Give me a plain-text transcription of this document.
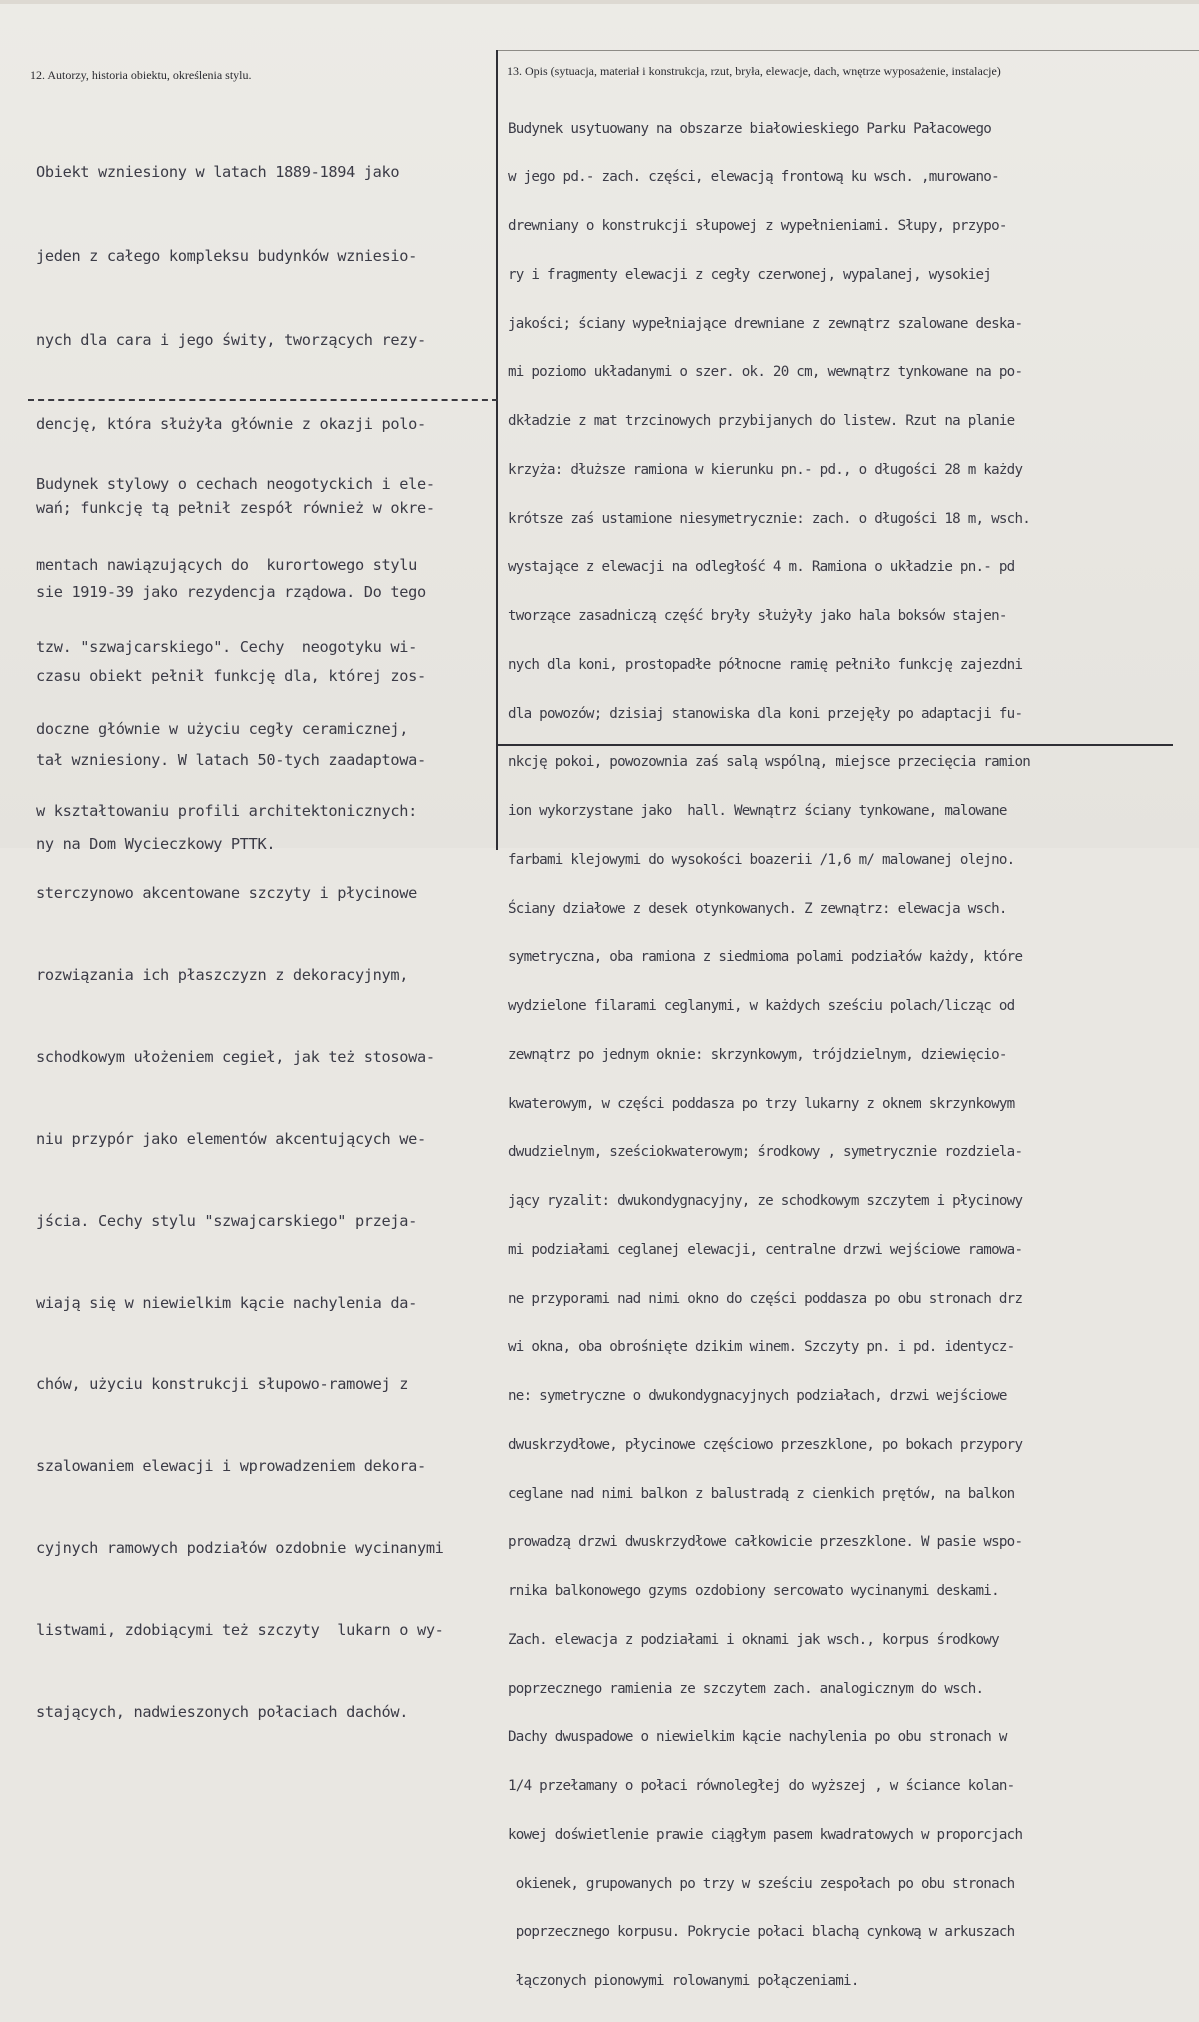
12. Autorzy, historia obiektu, określenia stylu.	13. Opis (sytuacja, materiał i konstrukcja, rzut, bryła, elewacje, dach, wnętrze wyposażenie, instalacje)

Obiekt wzniesiony w latach 1889-1894 jako

jeden z całego kompleksu budynków wzniesio-

nych dla cara i jego świty, tworzących rezy-

dencję, która służyła głównie z okazji polo-

wań; funkcję tą pełnił zespół również w okre-

sie 1919-39 jako rezydencja rządowa. Do tego

czasu obiekt pełnił funkcję dla, której zos-

tał wzniesiony. W latach 50-tych zaadaptowa-

ny na Dom Wycieczkowy PTTK.

Budynek stylowy o cechach neogotyckich i ele-

mentach nawiązujących do  kurortowego stylu

tzw. "szwajcarskiego". Cechy  neogotyku wi-

doczne głównie w użyciu cegły ceramicznej,

w kształtowaniu profili architektonicznych:

sterczynowo akcentowane szczyty i płycinowe

rozwiązania ich płaszczyzn z dekoracyjnym,

schodkowym ułożeniem cegieł, jak też stosowa-

niu przypór jako elementów akcentujących we-

jścia. Cechy stylu "szwajcarskiego" przeja-

wiają się w niewielkim kącie nachylenia da-

chów, użyciu konstrukcji słupowo-ramowej z

szalowaniem elewacji i wprowadzeniem dekora-

cyjnych ramowych podziałów ozdobnie wycinanymi

listwami, zdobiącymi też szczyty  lukarn o wy-

stających, nadwieszonych połaciach dachów.

Budynek usytuowany na obszarze białowieskiego Parku Pałacowego

w jego pd.- zach. części, elewacją frontową ku wsch. ,murowano-

drewniany o konstrukcji słupowej z wypełnieniami. Słupy, przypo-

ry i fragmenty elewacji z cegły czerwonej, wypalanej, wysokiej

jakości; ściany wypełniające drewniane z zewnątrz szalowane deska-

mi poziomo układanymi o szer. ok. 20 cm, wewnątrz tynkowane na po-

dkładzie z mat trzcinowych przybijanych do listew. Rzut na planie

krzyża: dłuższe ramiona w kierunku pn.- pd., o długości 28 m każdy

krótsze zaś ustamione niesymetrycznie: zach. o długości 18 m, wsch.

wystające z elewacji na odległość 4 m. Ramiona o układzie pn.- pd

tworzące zasadniczą część bryły służyły jako hala boksów stajen-

nych dla koni, prostopadłe północne ramię pełniło funkcję zajezdni

dla powozów; dzisiaj stanowiska dla koni przejęły po adaptacji fu-

nkcję pokoi, powozownia zaś salą wspólną, miejsce przecięcia ramion

ion wykorzystane jako  hall. Wewnątrz ściany tynkowane, malowane

farbami klejowymi do wysokości boazerii /1,6 m/ malowanej olejno.

Ściany działowe z desek otynkowanych. Z zewnątrz: elewacja wsch.

symetryczna, oba ramiona z siedmioma polami podziałów każdy, które

wydzielone filarami ceglanymi, w każdych sześciu polach/licząc od

zewnątrz po jednym oknie: skrzynkowym, trójdzielnym, dziewięcio-

kwaterowym, w części poddasza po trzy lukarny z oknem skrzynkowym

dwudzielnym, sześciokwaterowym; środkowy , symetrycznie rozdziela-

jący ryzalit: dwukondygnacyjny, ze schodkowym szczytem i płycinowy

mi podziałami ceglanej elewacji, centralne drzwi wejściowe ramowa-

ne przyporami nad nimi okno do części poddasza po obu stronach drz

wi okna, oba obrośnięte dzikim winem. Szczyty pn. i pd. identycz-

ne: symetryczne o dwukondygnacyjnych podziałach, drzwi wejściowe

dwuskrzydłowe, płycinowe częściowo przeszklone, po bokach przypory

ceglane nad nimi balkon z balustradą z cienkich prętów, na balkon

prowadzą drzwi dwuskrzydłowe całkowicie przeszklone. W pasie wspo-

rnika balkonowego gzyms ozdobiony sercowato wycinanymi deskami.

Zach. elewacja z podziałami i oknami jak wsch., korpus środkowy

poprzecznego ramienia ze szczytem zach. analogicznym do wsch.

Dachy dwuspadowe o niewielkim kącie nachylenia po obu stronach w

1/4 przełamany o połaci równoległej do wyższej , w ściance kolan-

kowej doświetlenie prawie ciągłym pasem kwadratowych w proporcjach

okienek, grupowanych po trzy w sześciu zespołach po obu stronach

poprzecznego korpusu. Pokrycie połaci blachą cynkową w arkuszach

łączonych pionowymi rolowanymi połączeniami.
